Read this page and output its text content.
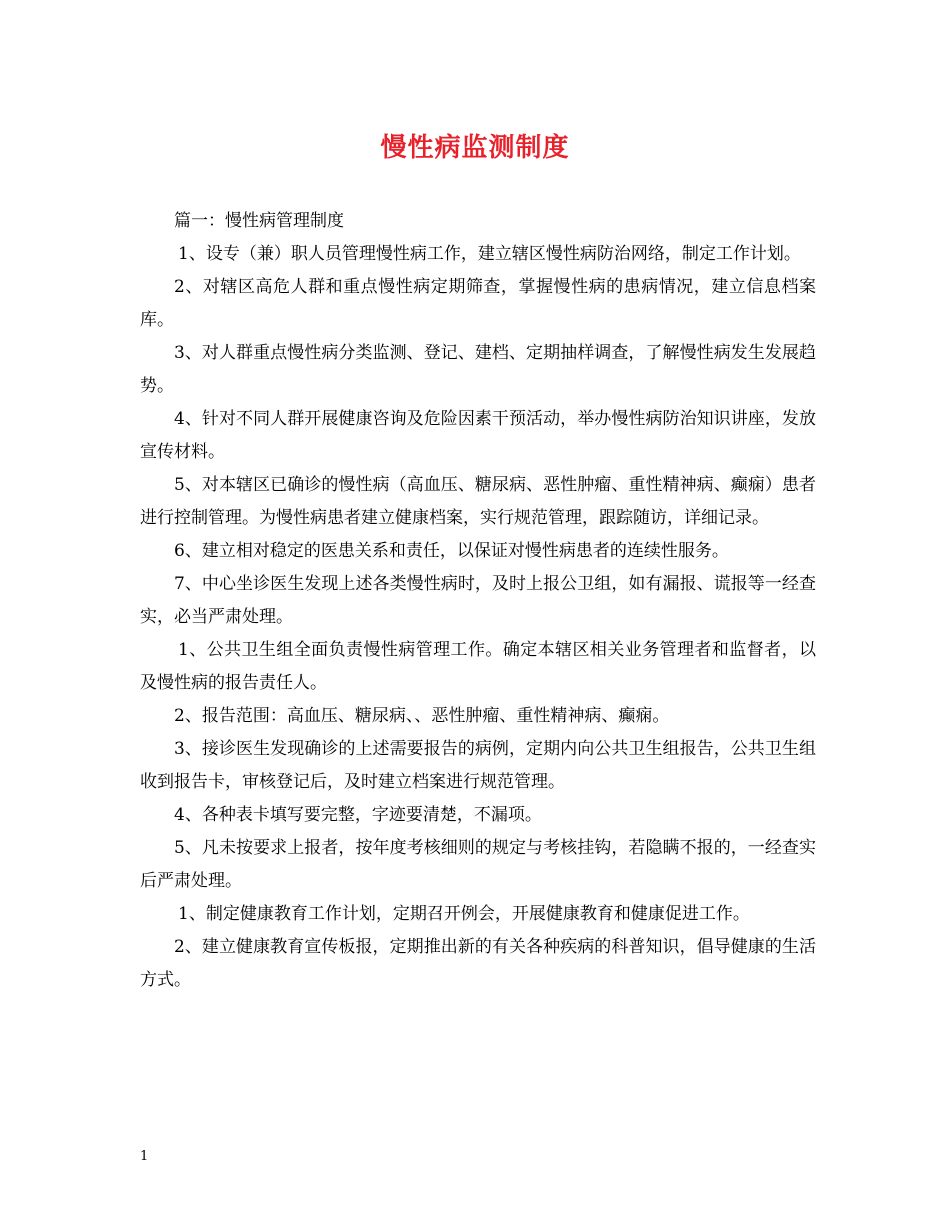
慢性病监测制度

篇一：慢性病管理制度

1、设专（兼）职人员管理慢性病工作，建立辖区慢性病防治网络，制定工作计划。

2、对辖区高危人群和重点慢性病定期筛查，掌握慢性病的患病情况，建立信息档案库。

3、对人群重点慢性病分类监测、登记、建档、定期抽样调查，了解慢性病发生发展趋势。

4、针对不同人群开展健康咨询及危险因素干预活动，举办慢性病防治知识讲座，发放宣传材料。

5、对本辖区已确诊的慢性病（高血压、糖尿病、恶性肿瘤、重性精神病、癫痫）患者进行控制管理。为慢性病患者建立健康档案，实行规范管理，跟踪随访，详细记录。

6、建立相对稳定的医患关系和责任，以保证对慢性病患者的连续性服务。

7、中心坐诊医生发现上述各类慢性病时，及时上报公卫组，如有漏报、谎报等一经查实，必当严肃处理。

1、公共卫生组全面负责慢性病管理工作。确定本辖区相关业务管理者和监督者，以及慢性病的报告责任人。

2、报告范围：高血压、糖尿病、、恶性肿瘤、重性精神病、癫痫。

3、接诊医生发现确诊的上述需要报告的病例，定期内向公共卫生组报告，公共卫生组收到报告卡，审核登记后，及时建立档案进行规范管理。

4、各种表卡填写要完整，字迹要清楚，不漏项。

5、凡未按要求上报者，按年度考核细则的规定与考核挂钩，若隐瞒不报的，一经查实后严肃处理。

1、制定健康教育工作计划，定期召开例会，开展健康教育和健康促进工作。

2、建立健康教育宣传板报，定期推出新的有关各种疾病的科普知识，倡导健康的生活方式。

1
